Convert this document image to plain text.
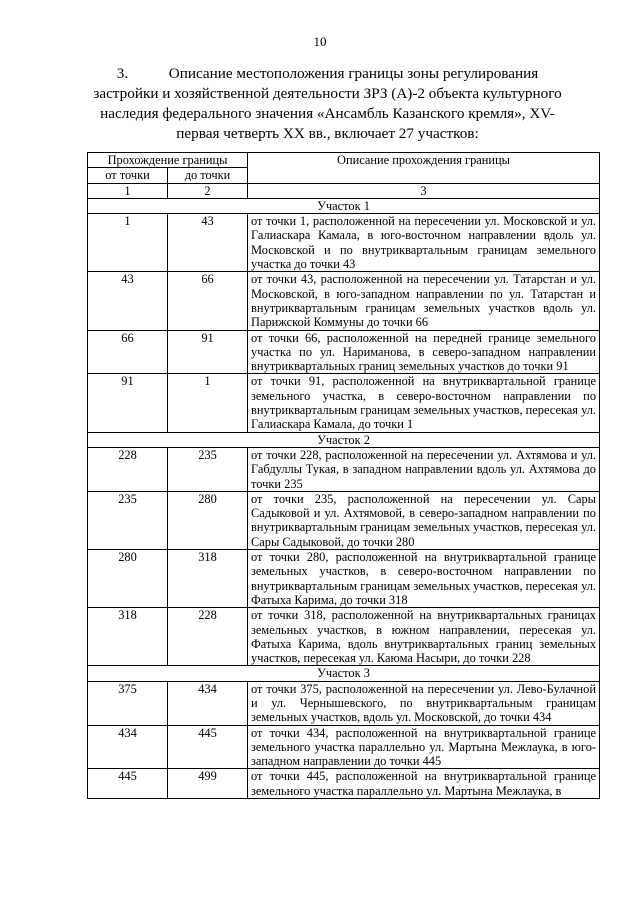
10
3.	Описание местоположения границы зоны регулирования застройки и хозяйственной деятельности ЗРЗ (А)-2 объекта культурного наследия федерального значения «Ансамбль Казанского кремля», XV-первая четверть XX вв., включает 27 участков:
Прохождение границы		Описание прохождения границы
от точки	до точки	
1	2	3
Участок 1		
1	43	от точки 1, расположенной на пересечении ул. Московской и ул. Галиаскара Камала, в юго-восточном направлении вдоль ул. Московской и по внутриквартальным границам земельного участка до точки 43
43	66	от точки 43, расположенной на пересечении ул. Татарстан и ул. Московской, в юго-западном направлении по ул. Татарстан и внутриквартальным границам земельных участков вдоль ул. Парижской Коммуны до точки 66
66	91	от точки 66, расположенной на передней границе земельного участка по ул. Нариманова, в северо-западном направлении внутриквартальных границ земельных участков до точки 91
91	1	от точки 91, расположенной на внутриквартальной границе земельного участка, в северо-восточном направлении по внутриквартальным границам земельных участков, пересекая ул. Галиаскара Камала, до точки 1
Участок 2		
228	235	от точки 228, расположенной на пересечении ул. Ахтямова и ул. Габдуллы Тукая, в западном направлении вдоль ул. Ахтямова до точки 235
235	280	от точки 235, расположенной на пересечении ул. Сары Садыковой и ул. Ахтямовой, в северо-западном направлении по внутриквартальным границам земельных участков, пересекая ул. Сары Садыковой, до точки 280
280	318	от точки 280, расположенной на внутриквартальной границе земельных участков, в северо-восточном направлении по внутриквартальным границам земельных участков, пересекая ул. Фатыха Карима, до точки 318
318	228	от точки 318, расположенной на внутриквартальных границах земельных участков, в южном направлении, пересекая ул. Фатыха Карима, вдоль внутриквартальных границ земельных участков, пересекая ул. Каюма Насыри, до точки 228
Участок 3		
375	434	от точки 375, расположенной на пересечении ул. Лево-Булачной и ул. Чернышевского, по внутриквартальным границам земельных участков, вдоль ул. Московской, до точки 434
434	445	от точки 434, расположенной на внутриквартальной границе земельного участка параллельно ул. Мартына Межлаука, в юго-западном направлении до точки 445
445	499	от точки 445, расположенной на внутриквартальной границе земельного участка параллельно ул. Мартына Межлаука, в
